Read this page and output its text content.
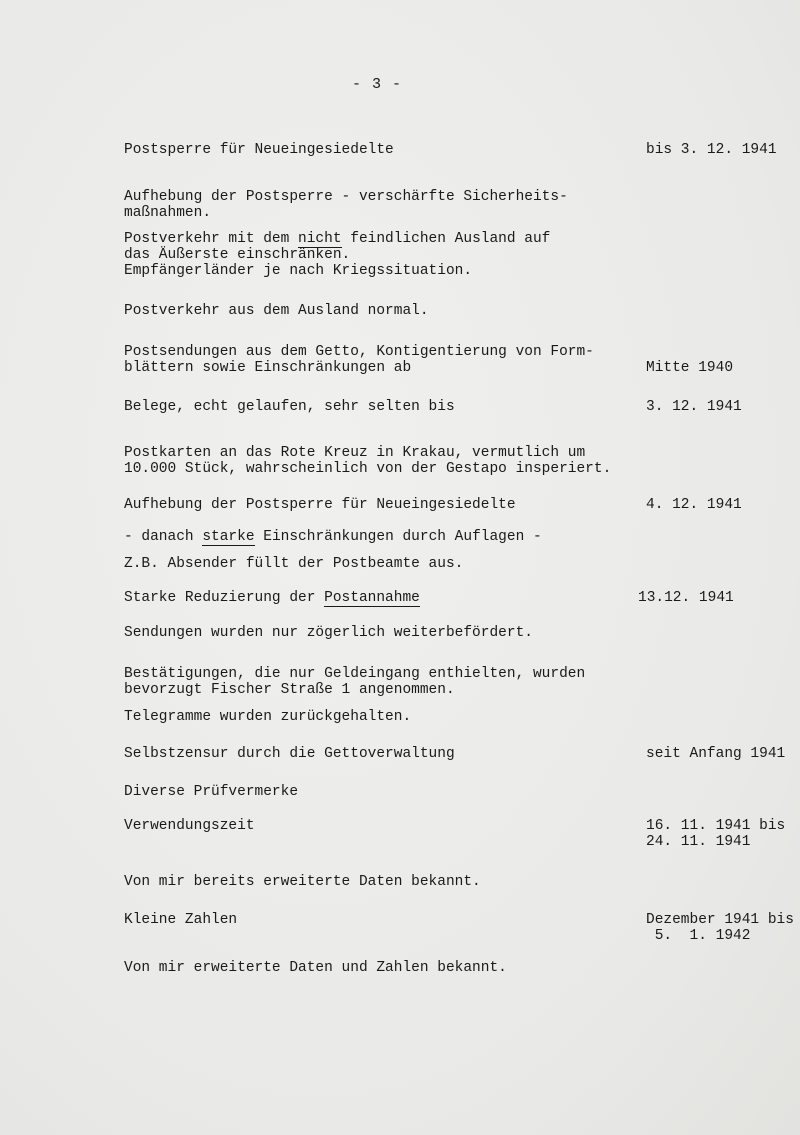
- 3 -
Postsperre für Neueingesiedelte
Aufhebung der Postsperre - verschärfte Sicherheits-
maßnahmen.
Postverkehr mit dem nicht feindlichen Ausland auf
das Äußerste einschränken.
Empfängerländer je nach Kriegssituation.
Postverkehr aus dem Ausland normal.
Postsendungen aus dem Getto, Kontigentierung von Form-
blättern sowie Einschränkungen ab
Belege, echt gelaufen, sehr selten bis
Postkarten an das Rote Kreuz in Krakau, vermutlich um
10.000 Stück, wahrscheinlich von der Gestapo insperiert.
Aufhebung der Postsperre für Neueingesiedelte
- danach starke Einschränkungen durch Auflagen -
Z.B. Absender füllt der Postbeamte aus.
Starke Reduzierung der Postannahme
Sendungen wurden nur zögerlich weiterbefördert.
Bestätigungen, die nur Geldeingang enthielten, wurden
bevorzugt Fischer Straße 1 angenommen.
Telegramme wurden zurückgehalten.
Selbstzensur durch die Gettoverwaltung
Diverse Prüfvermerke
Verwendungszeit
Von mir bereits erweiterte Daten bekannt.
Kleine Zahlen
Von mir erweiterte Daten und Zahlen bekannt.
bis 3. 12. 1941
Mitte 1940
3. 12. 1941
4. 12. 1941
13.12. 1941
seit Anfang 1941
16. 11. 1941 bis
24. 11. 1941
Dezember 1941 bis
5.  1. 1942
